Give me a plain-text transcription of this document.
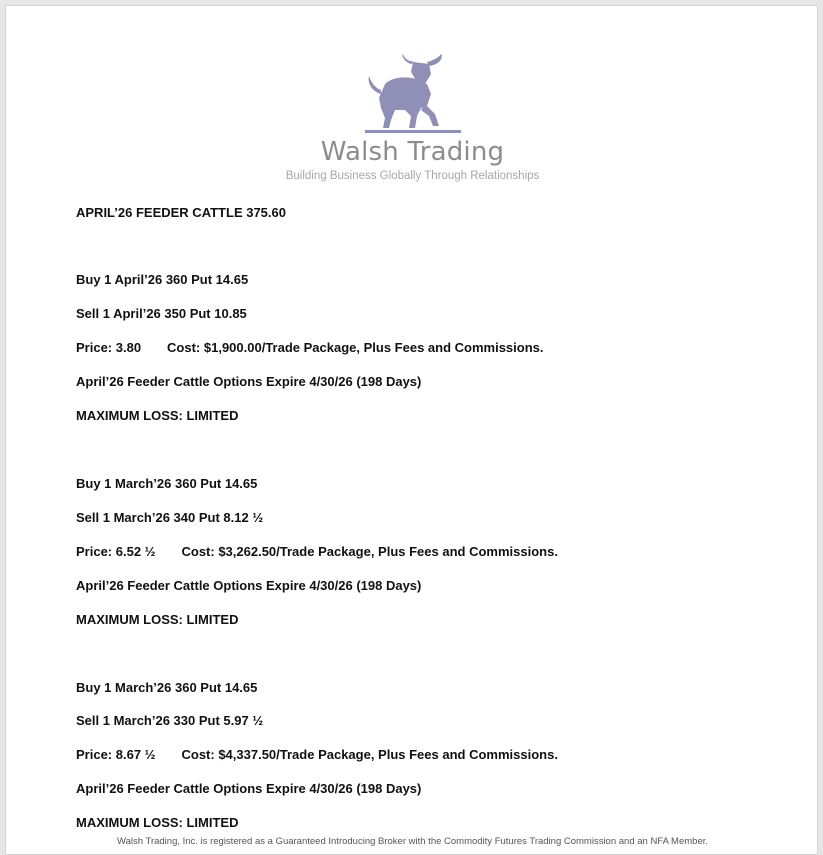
Walsh Trading
Building Business Globally Through Relationships
APRIL’26 FEEDER CATTLE 375.60
Buy 1 April’26 360 Put 14.65
Sell 1 April’26 350 Put 10.85
Price: 3.80 Cost: $1,900.00/Trade Package, Plus Fees and Commissions.
April’26 Feeder Cattle Options Expire 4/30/26 (198 Days)
MAXIMUM LOSS: LIMITED
Buy 1 March’26 360 Put 14.65
Sell 1 March’26 340 Put 8.12 ½
Price: 6.52 ½ Cost: $3,262.50/Trade Package, Plus Fees and Commissions.
April’26 Feeder Cattle Options Expire 4/30/26 (198 Days)
MAXIMUM LOSS: LIMITED
Buy 1 March’26 360 Put 14.65
Sell 1 March’26 330 Put 5.97 ½
Price: 8.67 ½ Cost: $4,337.50/Trade Package, Plus Fees and Commissions.
April’26 Feeder Cattle Options Expire 4/30/26 (198 Days)
MAXIMUM LOSS: LIMITED
Walsh Trading, Inc. is registered as a Guaranteed Introducing Broker with the Commodity Futures Trading Commission and an NFA Member.
